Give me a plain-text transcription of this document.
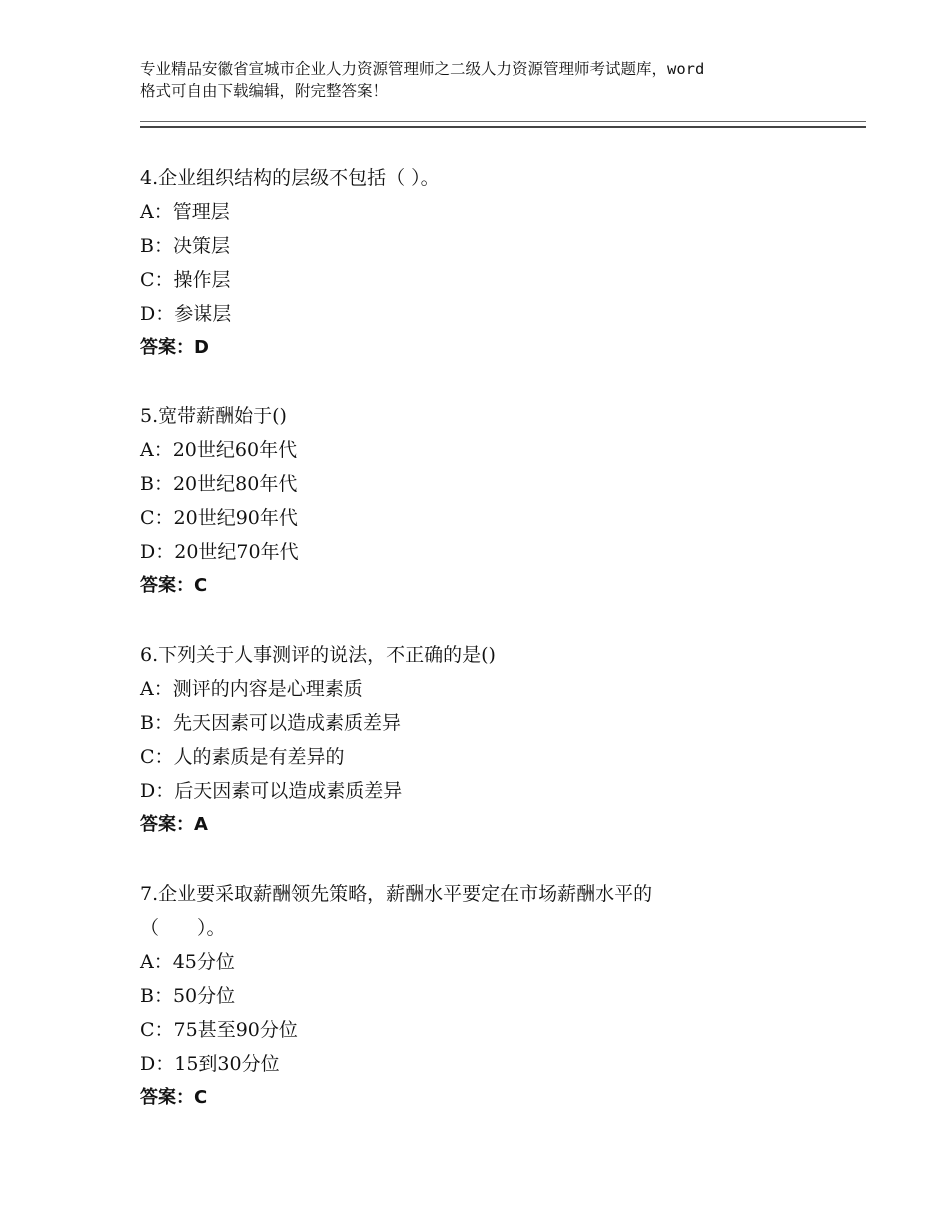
专业精品安徽省宣城市企业人力资源管理师之二级人力资源管理师考试题库，word
格式可自由下载编辑，附完整答案！
4.企业组织结构的层级不包括（ ）。
A：管理层
B：决策层
C：操作层
D：参谋层
答案：D
5.宽带薪酬始于()
A：20世纪60年代
B：20世纪80年代
C：20世纪90年代
D：20世纪70年代
答案：C
6.下列关于人事测评的说法，不正确的是()
A：测评的内容是心理素质
B：先天因素可以造成素质差异
C：人的素质是有差异的
D：后天因素可以造成素质差异
答案：A
7.企业要采取薪酬领先策略，薪酬水平要定在市场薪酬水平的
（　　）。
A：45分位
B：50分位
C：75甚至90分位
D：15到30分位
答案：C
